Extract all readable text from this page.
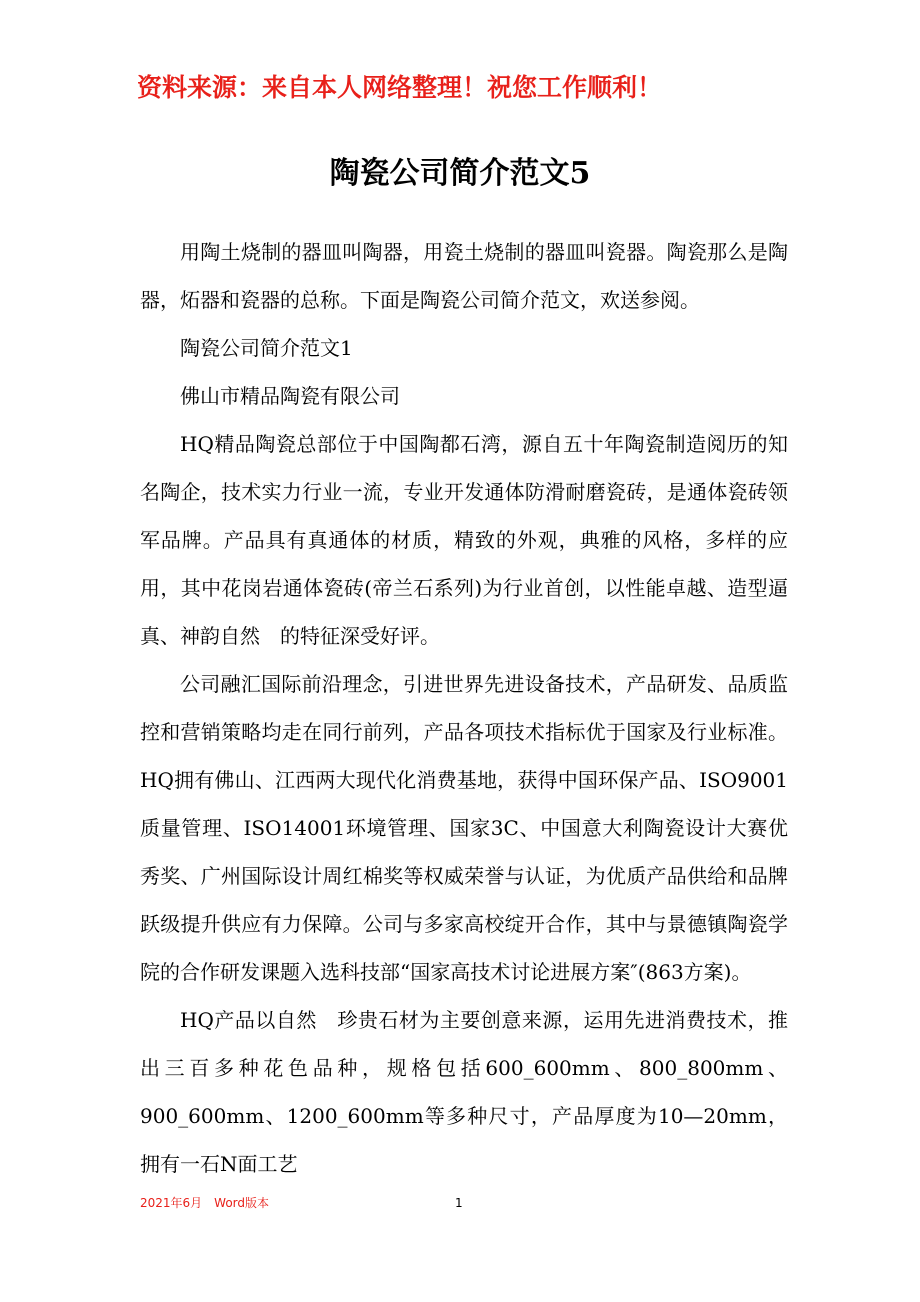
资料来源：来自本人网络整理！祝您工作顺利！
陶瓷公司简介范文5

用陶土烧制的器皿叫陶器，用瓷土烧制的器皿叫瓷器。陶瓷那么是陶器，炻器和瓷器的总称。下面是陶瓷公司简介范文，欢送参阅。

陶瓷公司简介范文1

佛山市精品陶瓷有限公司

HQ精品陶瓷总部位于中国陶都石湾，源自五十年陶瓷制造阅历的知名陶企，技术实力行业一流，专业开发通体防滑耐磨瓷砖，是通体瓷砖领军品牌。产品具有真通体的材质，精致的外观，典雅的风格，多样的应用，其中花岗岩通体瓷砖(帝兰石系列)为行业首创，以性能卓越、造型逼真、神韵自然　的特征深受好评。

公司融汇国际前沿理念，引进世界先进设备技术，产品研发、品质监控和营销策略均走在同行前列，产品各项技术指标优于国家及行业标准。HQ拥有佛山、江西两大现代化消费基地，获得中国环保产品、ISO9001质量管理、ISO14001环境管理、国家3C、中国意大利陶瓷设计大赛优秀奖、广州国际设计周红棉奖等权威荣誉与认证，为优质产品供给和品牌跃级提升供应有力保障。公司与多家高校绽开合作，其中与景德镇陶瓷学院的合作研发课题入选科技部“国家高技术讨论进展方案″(863方案)。

HQ产品以自然　珍贵石材为主要创意来源，运用先进消费技术，推出三百多种花色品种，规格包括600_600mm、800_800mm、900_600mm、1200_600mm等多种尺寸，产品厚度为10—20mm，拥有一石N面工艺

2021年6月　Word版本	1
